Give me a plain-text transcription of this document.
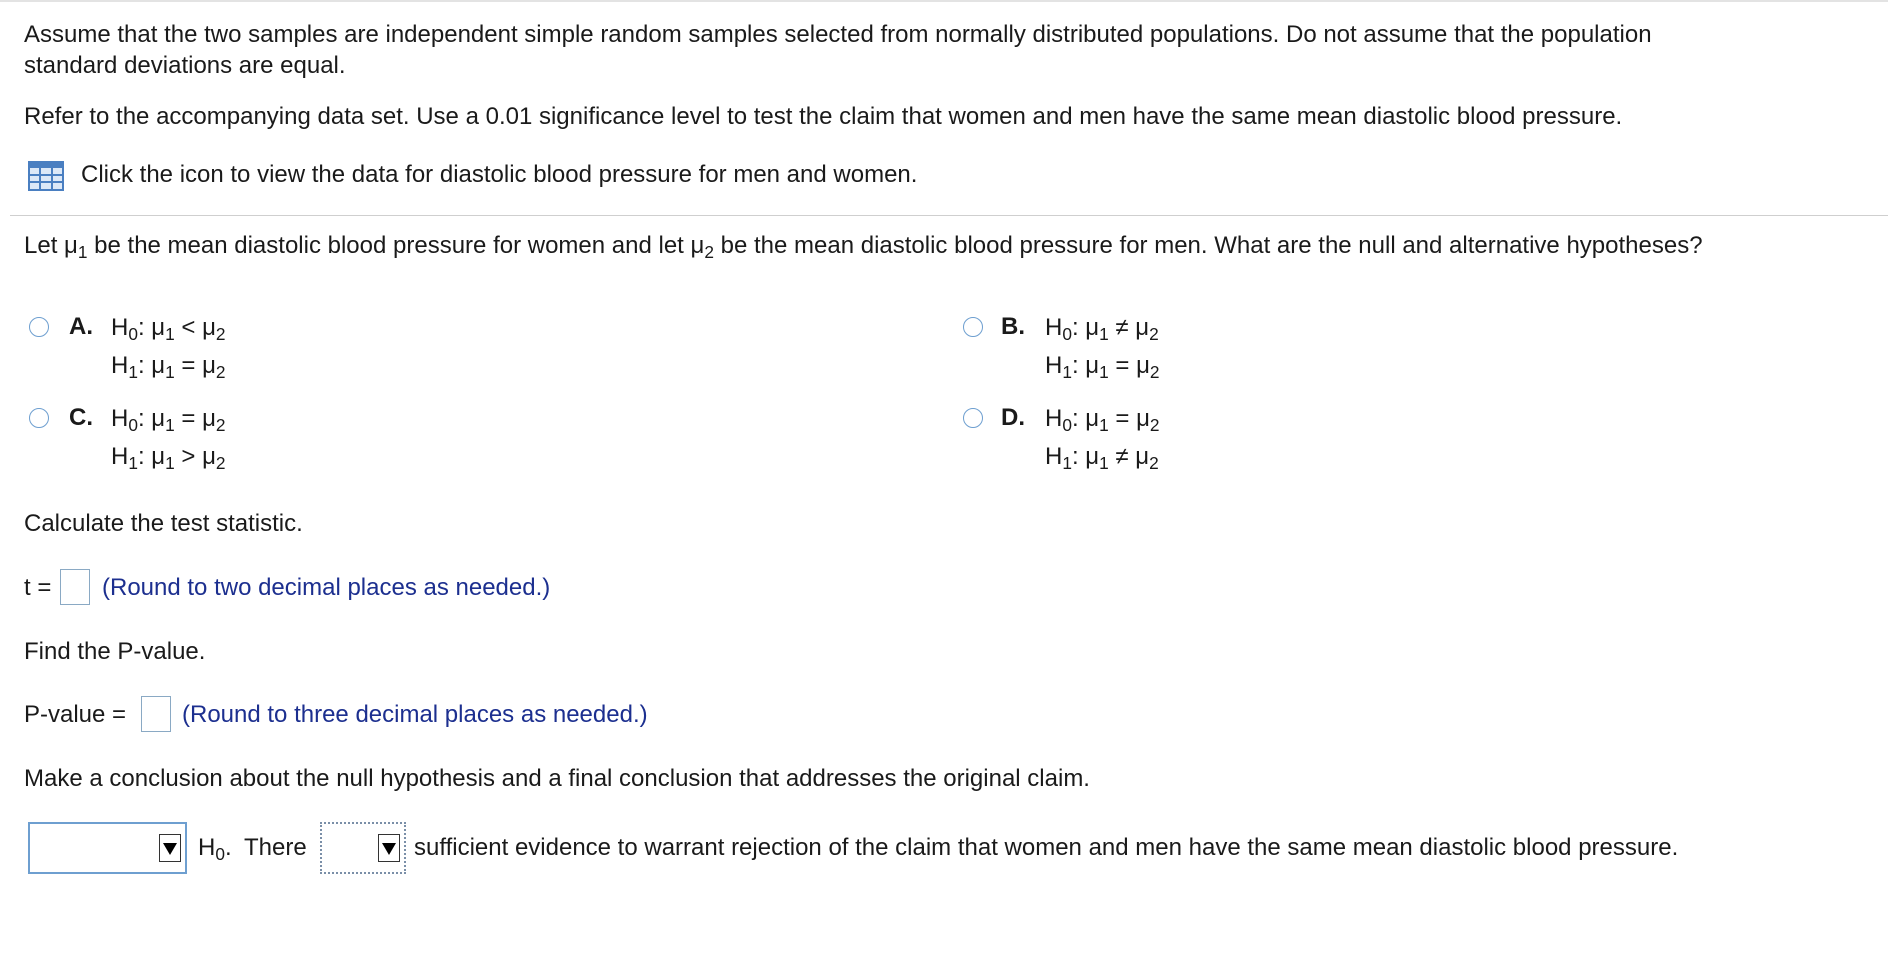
Assume that the two samples are independent simple random samples selected from normally distributed populations. Do not assume that the population

standard deviations are equal.

Refer to the accompanying data set. Use a 0.01 significance level to test the claim that women and men have the same mean diastolic blood pressure.

Click the icon to view the data for diastolic blood pressure for men and women.

Let $\mu_1$ be the mean diastolic blood pressure for women and let $\mu_2$ be the mean diastolic blood pressure for men. What are the null and alternative hypotheses?

A. $H_0$: $\mu_1 < \mu_2$
$H_1$: $\mu_1 = \mu_2$
B. $H_0$: $\mu_1 \ne \mu_2$
$H_1$: $\mu_1 = \mu_2$
C. $H_0$: $\mu_1 = \mu_2$
$H_1$: $\mu_1 > \mu_2$
D. $H_0$: $\mu_1 = \mu_2$
$H_1$: $\mu_1 \ne \mu_2$

Calculate the test statistic.

t = (Round to two decimal places as needed.)

Find the P-value.

P-value = (Round to three decimal places as needed.)

Make a conclusion about the null hypothesis and a final conclusion that addresses the original claim.

$H_0$. There	sufficient evidence to warrant rejection of the claim that women and men have the same mean diastolic blood pressure.
